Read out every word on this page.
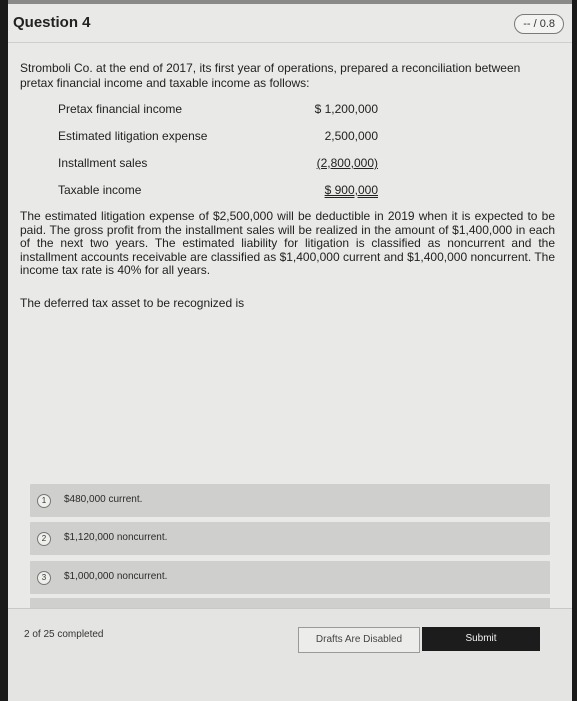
Question 4	-- / 0.8
Stromboli Co. at the end of 2017, its first year of operations, prepared a reconciliation between pretax financial income and taxable income as follows:
Pretax financial income	$ 1,200,000
Estimated litigation expense	2,500,000
Installment sales	(2,800,000)
Taxable income	$ 900,000
The estimated litigation expense of $2,500,000 will be deductible in 2019 when it is expected to be paid. The gross profit from the installment sales will be realized in the amount of $1,400,000 in each of the next two years. The estimated liability for litigation is classified as noncurrent and the installment accounts receivable are classified as $1,400,000 current and $1,400,000 noncurrent. The income tax rate is 40% for all years.
The deferred tax asset to be recognized is
1	$480,000 current.
2	$1,120,000 noncurrent.
3	$1,000,000 noncurrent.
2 of 25 completed	Drafts Are Disabled	Submit
